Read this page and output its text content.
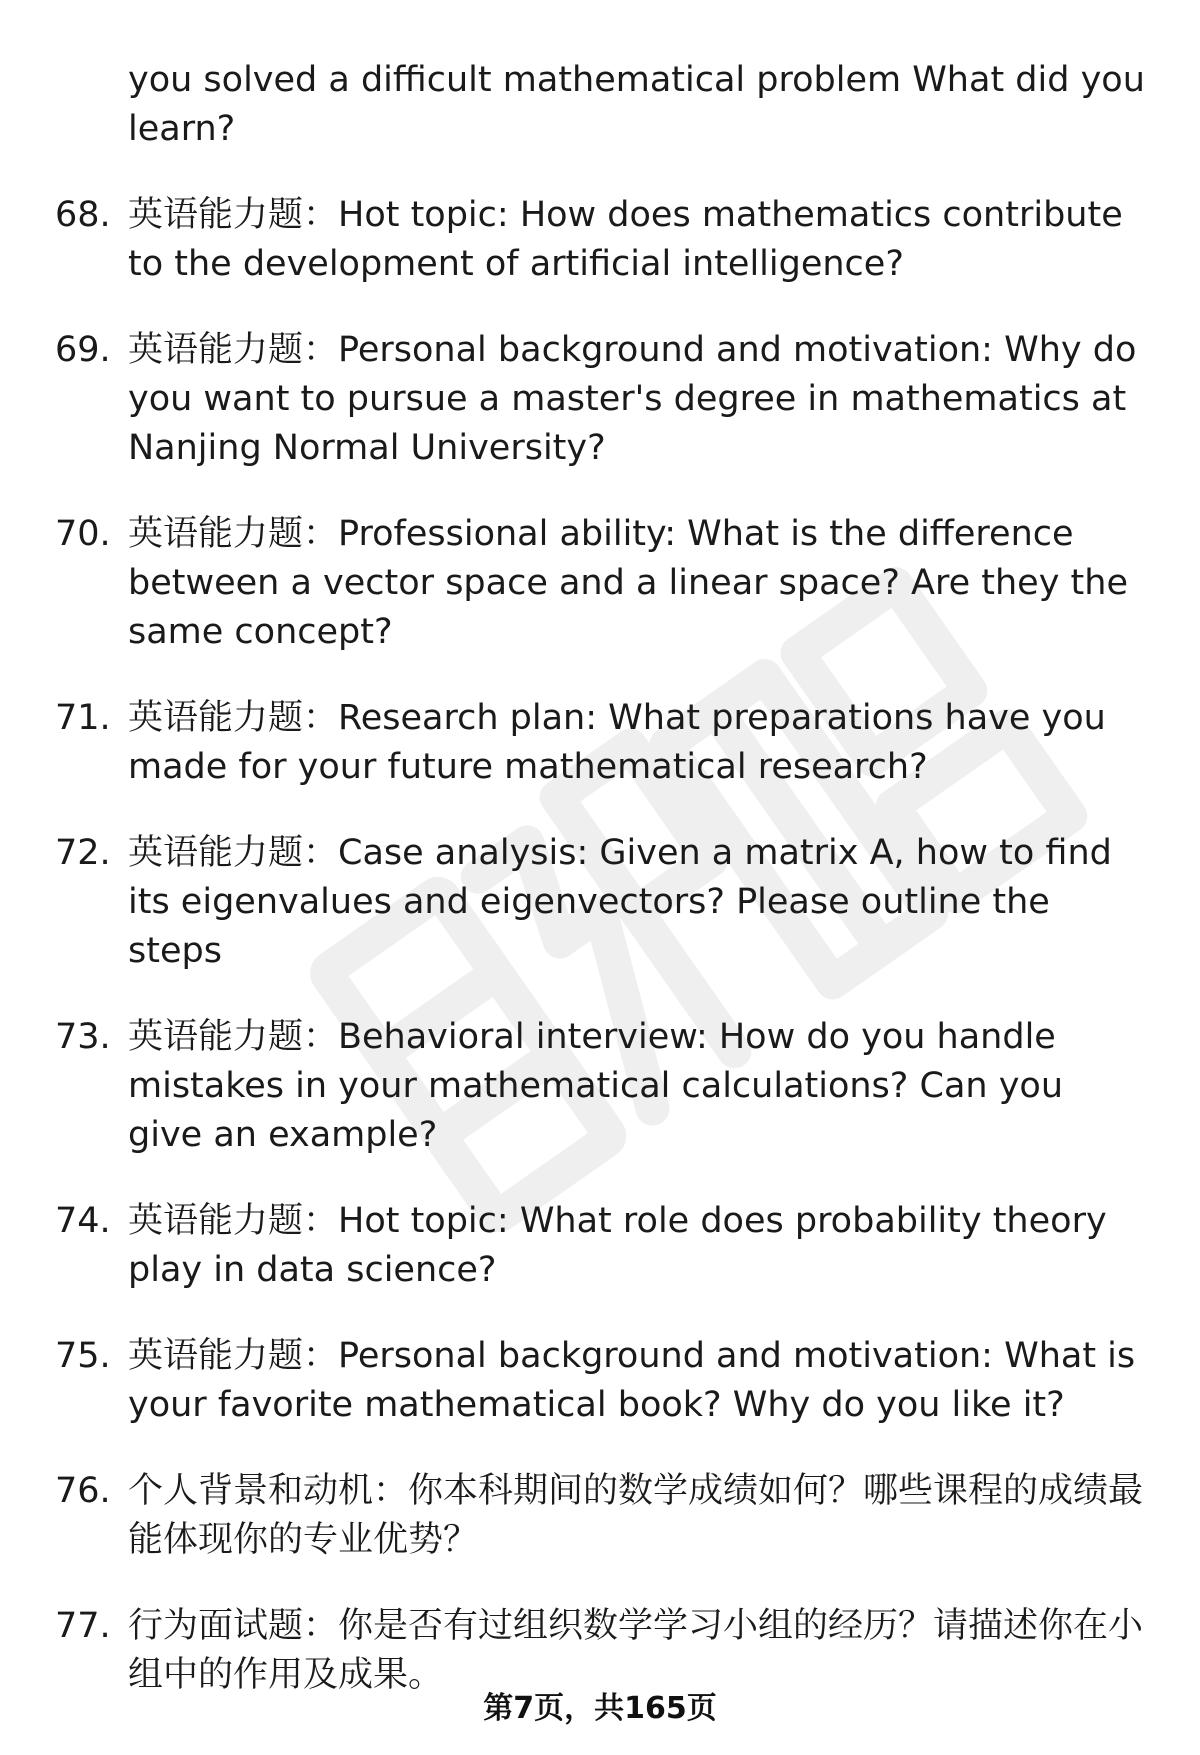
you solved a difficult mathematical problem What did you learn?
68. 英语能力题：Hot topic: How does mathematics contribute to the development of artificial intelligence?
69. 英语能力题：Personal background and motivation: Why do you want to pursue a master's degree in mathematics at Nanjing Normal University?
70. 英语能力题：Professional ability: What is the difference between a vector space and a linear space? Are they the same concept?
71. 英语能力题：Research plan: What preparations have you made for your future mathematical research?
72. 英语能力题：Case analysis: Given a matrix A, how to find its eigenvalues and eigenvectors? Please outline the steps
73. 英语能力题：Behavioral interview: How do you handle mistakes in your mathematical calculations? Can you give an example?
74. 英语能力题：Hot topic: What role does probability theory play in data science?
75. 英语能力题：Personal background and motivation: What is your favorite mathematical book? Why do you like it?
76. 个人背景和动机：你本科期间的数学成绩如何？哪些课程的成绩最能体现你的专业优势？
77. 行为面试题：你是否有过组织数学学习小组的经历？请描述你在小组中的作用及成果。
第7页，共165页
